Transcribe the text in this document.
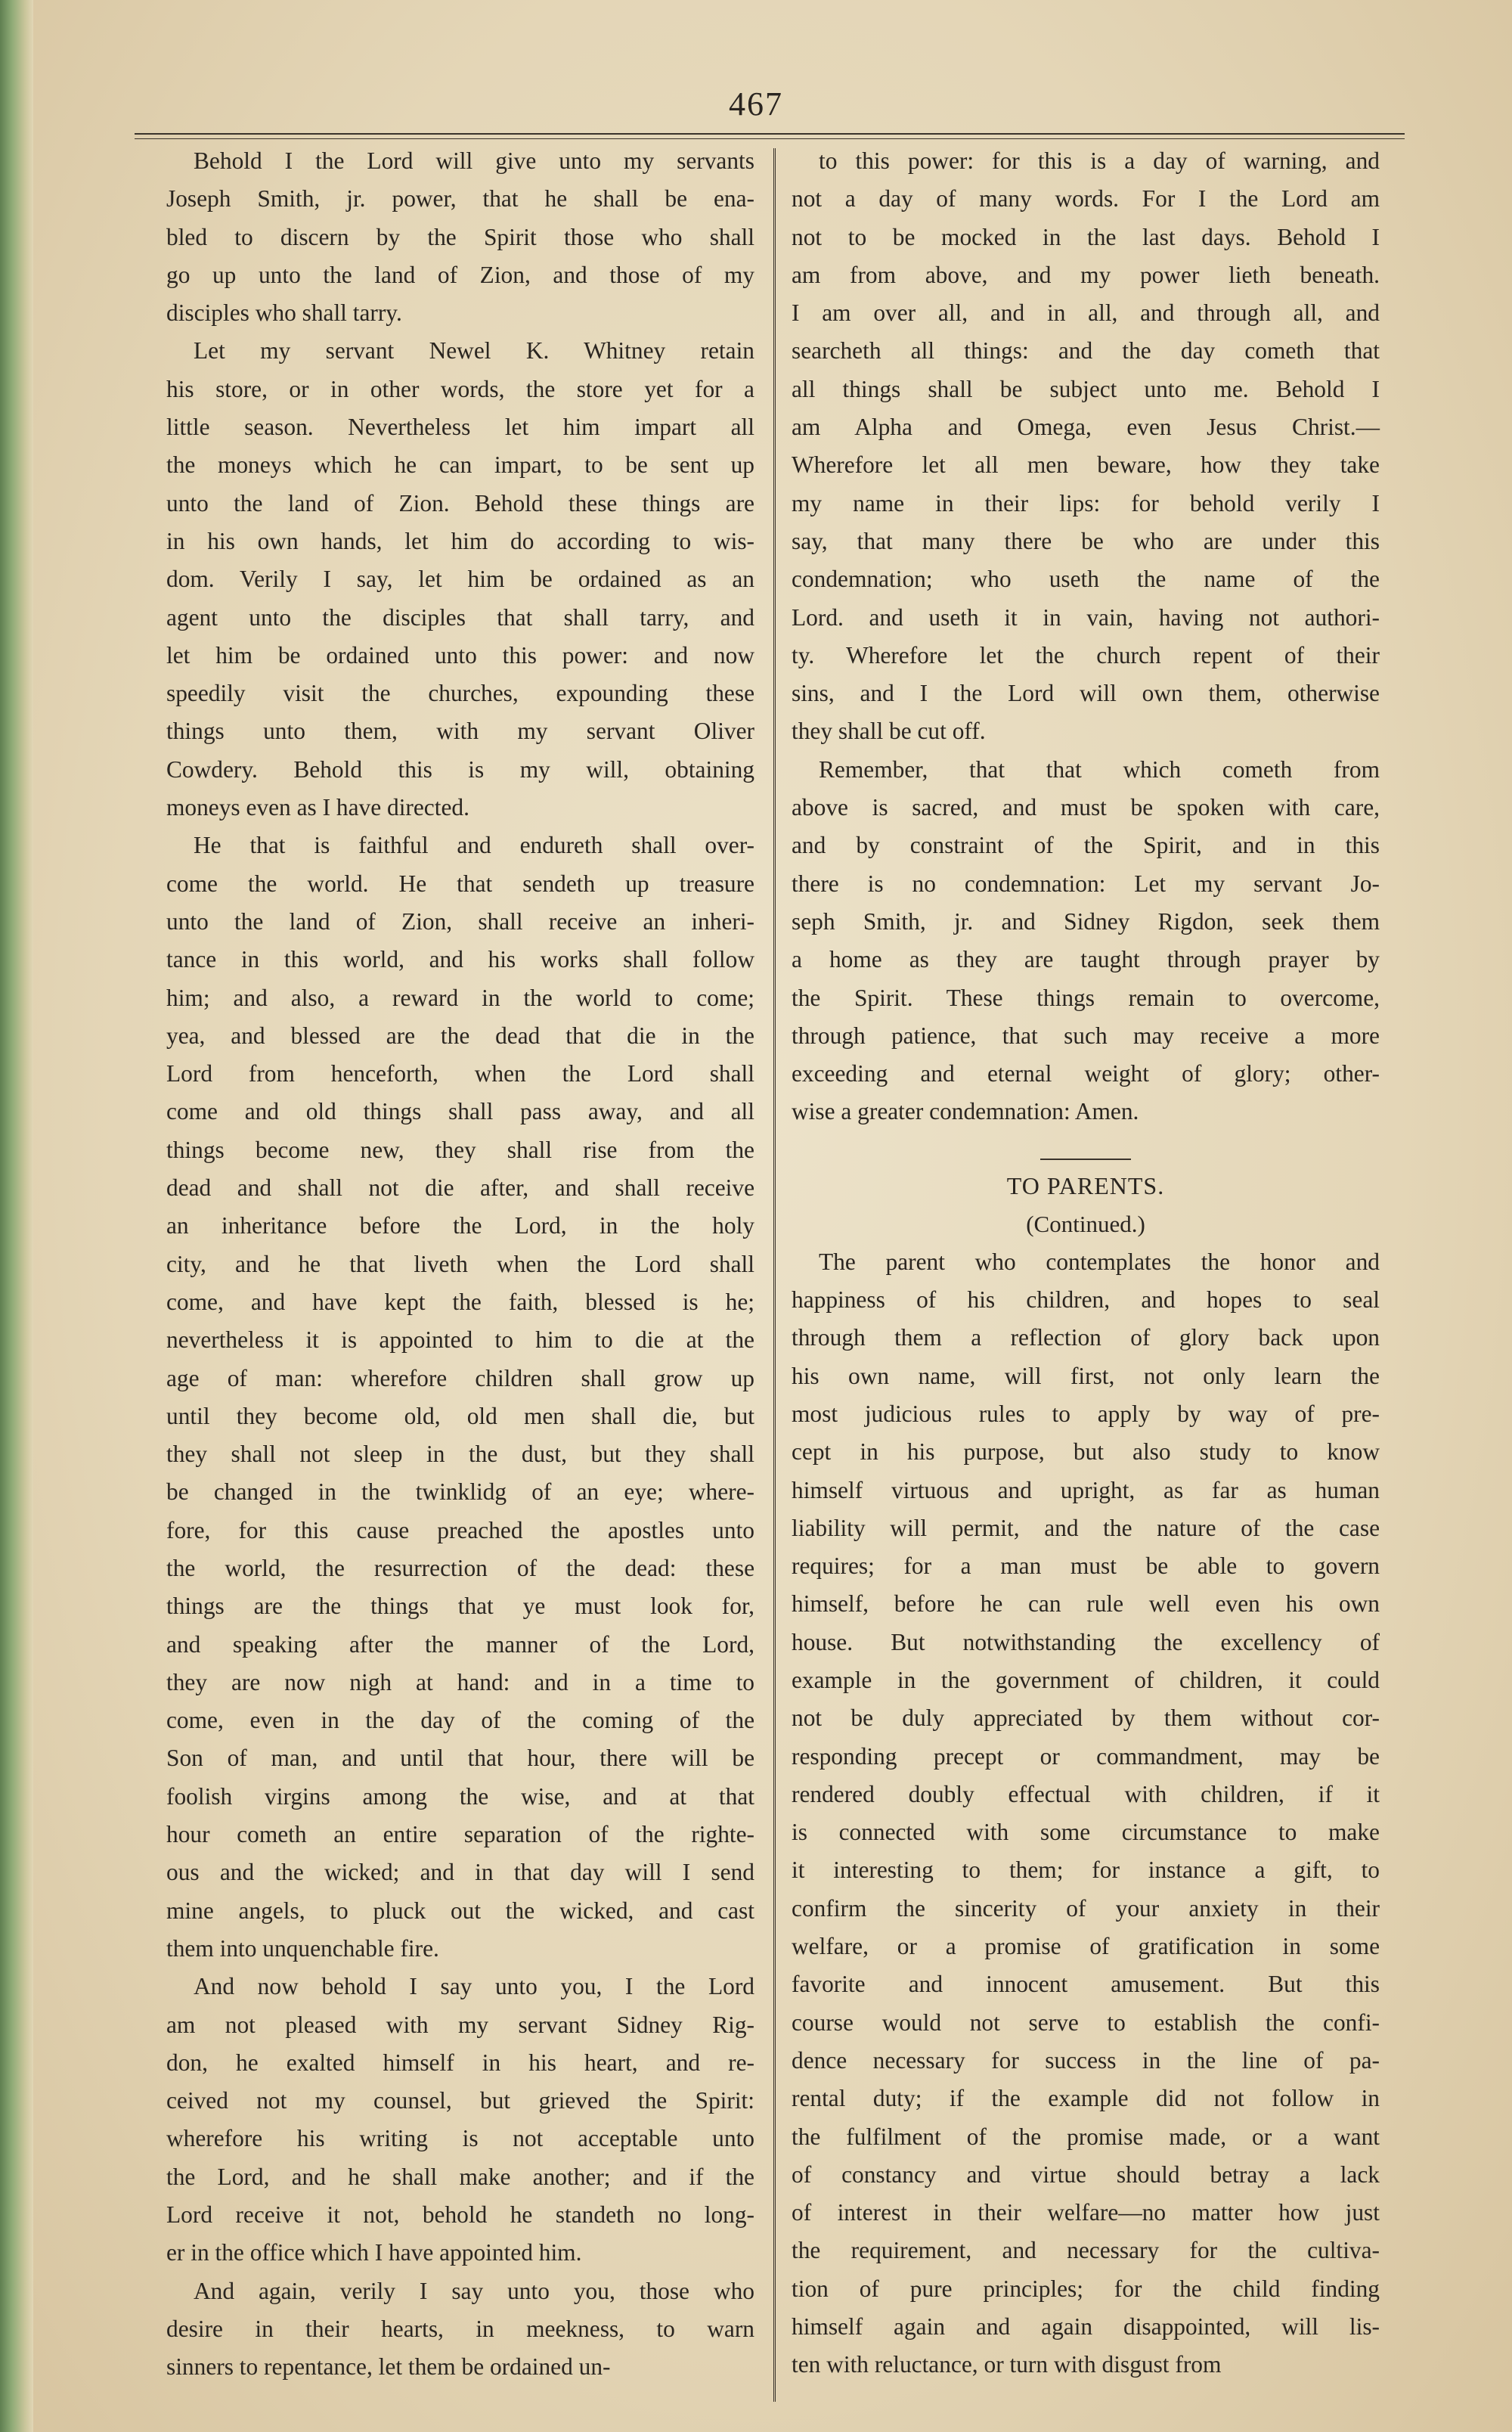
467

Behold I the Lord will give unto my servants
Joseph Smith, jr. power, that he shall be ena-
bled to discern by the Spirit those who shall
go up unto the land of Zion, and those of my
disciples who shall tarry.

Let my servant Newel K. Whitney retain
his store, or in other words, the store yet for a
little season. Nevertheless let him impart all
the moneys which he can impart, to be sent up
unto the land of Zion. Behold these things are
in his own hands, let him do according to wis-
dom. Verily I say, let him be ordained as an
agent unto the disciples that shall tarry, and
let him be ordained unto this power: and now
speedily visit the churches, expounding these
things unto them, with my servant Oliver
Cowdery. Behold this is my will, obtaining
moneys even as I have directed.

He that is faithful and endureth shall over-
come the world. He that sendeth up treasure
unto the land of Zion, shall receive an inheri-
tance in this world, and his works shall follow
him; and also, a reward in the world to come;
yea, and blessed are the dead that die in the
Lord from henceforth, when the Lord shall
come and old things shall pass away, and all
things become new, they shall rise from the
dead and shall not die after, and shall receive
an inheritance before the Lord, in the holy
city, and he that liveth when the Lord shall
come, and have kept the faith, blessed is he;
nevertheless it is appointed to him to die at the
age of man: wherefore children shall grow up
until they become old, old men shall die, but
they shall not sleep in the dust, but they shall
be changed in the twinklidg of an eye; where-
fore, for this cause preached the apostles unto
the world, the resurrection of the dead: these
things are the things that ye must look for,
and speaking after the manner of the Lord,
they are now nigh at hand: and in a time to
come, even in the day of the coming of the
Son of man, and until that hour, there will be
foolish virgins among the wise, and at that
hour cometh an entire separation of the righte-
ous and the wicked; and in that day will I send
mine angels, to pluck out the wicked, and cast
them into unquenchable fire.

And now behold I say unto you, I the Lord
am not pleased with my servant Sidney Rig-
don, he exalted himself in his heart, and re-
ceived not my counsel, but grieved the Spirit:
wherefore his writing is not acceptable unto
the Lord, and he shall make another; and if the
Lord receive it not, behold he standeth no long-
er in the office which I have appointed him.

And again, verily I say unto you, those who
desire in their hearts, in meekness, to warn
sinners to repentance, let them be ordained un-

to this power: for this is a day of warning, and
not a day of many words. For I the Lord am
not to be mocked in the last days. Behold I
am from above, and my power lieth beneath.
I am over all, and in all, and through all, and
searcheth all things: and the day cometh that
all things shall be subject unto me. Behold I
am Alpha and Omega, even Jesus Christ.—
Wherefore let all men beware, how they take
my name in their lips: for behold verily I
say, that many there be who are under this
condemnation; who useth the name of the
Lord. and useth it in vain, having not authori-
ty. Wherefore let the church repent of their
sins, and I the Lord will own them, otherwise
they shall be cut off.

Remember, that that which cometh from
above is sacred, and must be spoken with care,
and by constraint of the Spirit, and in this
there is no condemnation: Let my servant Jo-
seph Smith, jr. and Sidney Rigdon, seek them
a home as they are taught through prayer by
the Spirit. These things remain to overcome,
through patience, that such may receive a more
exceeding and eternal weight of glory; other-
wise a greater condemnation: Amen.

TO PARENTS.
(Continued.)

The parent who contemplates the honor and
happiness of his children, and hopes to seal
through them a reflection of glory back upon
his own name, will first, not only learn the
most judicious rules to apply by way of pre-
cept in his purpose, but also study to know
himself virtuous and upright, as far as human
liability will permit, and the nature of the case
requires; for a man must be able to govern
himself, before he can rule well even his own
house. But notwithstanding the excellency of
example in the government of children, it could
not be duly appreciated by them without cor-
responding precept or commandment, may be
rendered doubly effectual with children, if it
is connected with some circumstance to make
it interesting to them; for instance a gift, to
confirm the sincerity of your anxiety in their
welfare, or a promise of gratification in some
favorite and innocent amusement. But this
course would not serve to establish the confi-
dence necessary for success in the line of pa-
rental duty; if the example did not follow in
the fulfilment of the promise made, or a want
of constancy and virtue should betray a lack
of interest in their welfare—no matter how just
the requirement, and necessary for the cultiva-
tion of pure principles; for the child finding
himself again and again disappointed, will lis-
ten with reluctance, or turn with disgust from
